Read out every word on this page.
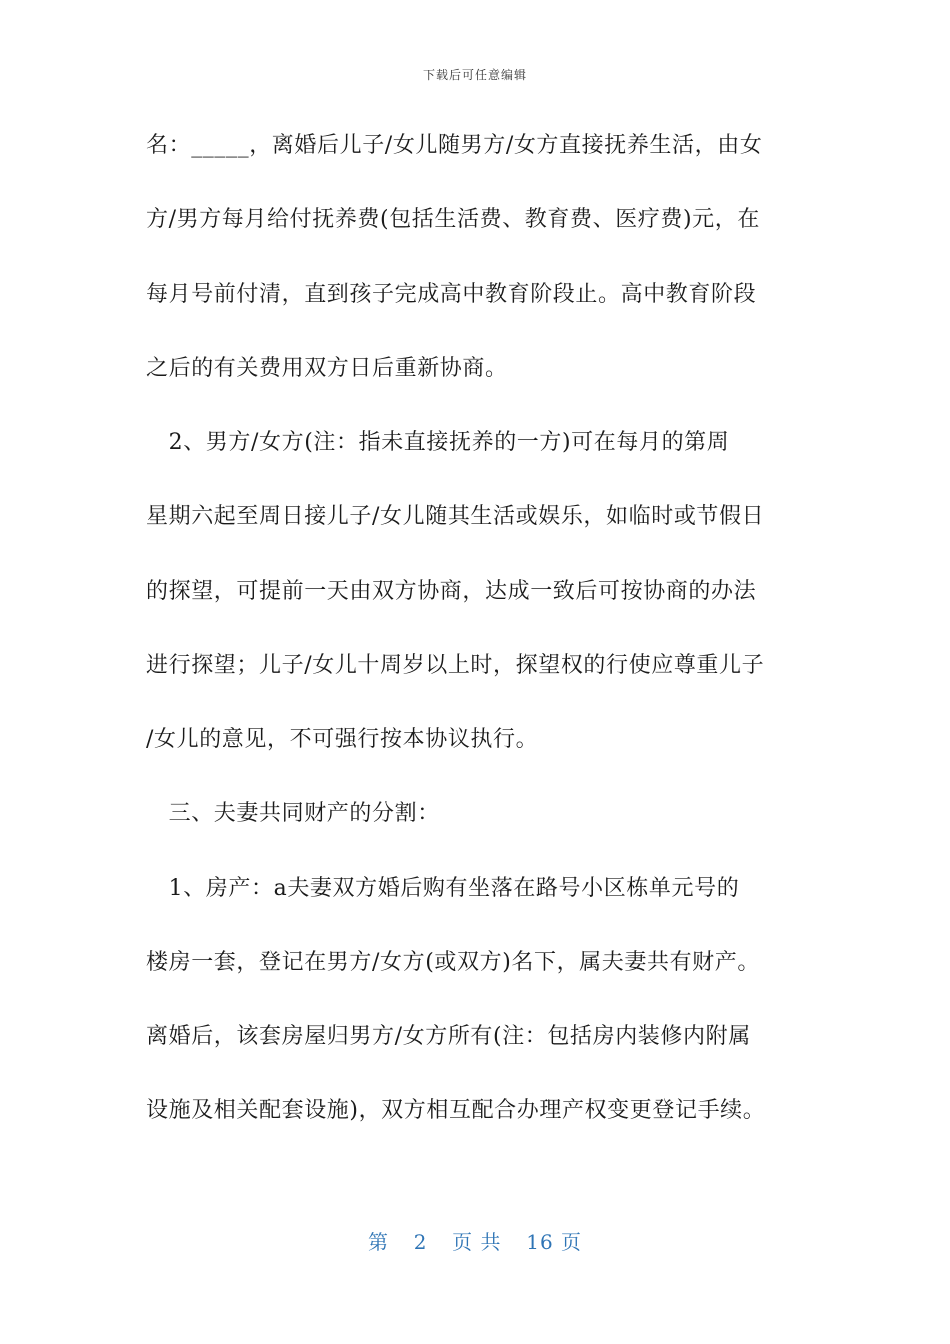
下载后可任意编辑
名：_____，离婚后儿子/女儿随男方/女方直接抚养生活，由女
方/男方每月给付抚养费(包括生活费、教育费、医疗费)元，在
每月号前付清，直到孩子完成高中教育阶段止。高中教育阶段
之后的有关费用双方日后重新协商。
　2、男方/女方(注：指未直接抚养的一方)可在每月的第周
星期六起至周日接儿子/女儿随其生活或娱乐，如临时或节假日
的探望，可提前一天由双方协商，达成一致后可按协商的办法
进行探望；儿子/女儿十周岁以上时，探望权的行使应尊重儿子
/女儿的意见，不可强行按本协议执行。
　三、夫妻共同财产的分割：
　1、房产：a夫妻双方婚后购有坐落在路号小区栋单元号的
楼房一套，登记在男方/女方(或双方)名下，属夫妻共有财产。
离婚后，该套房屋归男方/女方所有(注：包括房内装修内附属
设施及相关配套设施)，双方相互配合办理产权变更登记手续。
第 2 页 共 16 页
